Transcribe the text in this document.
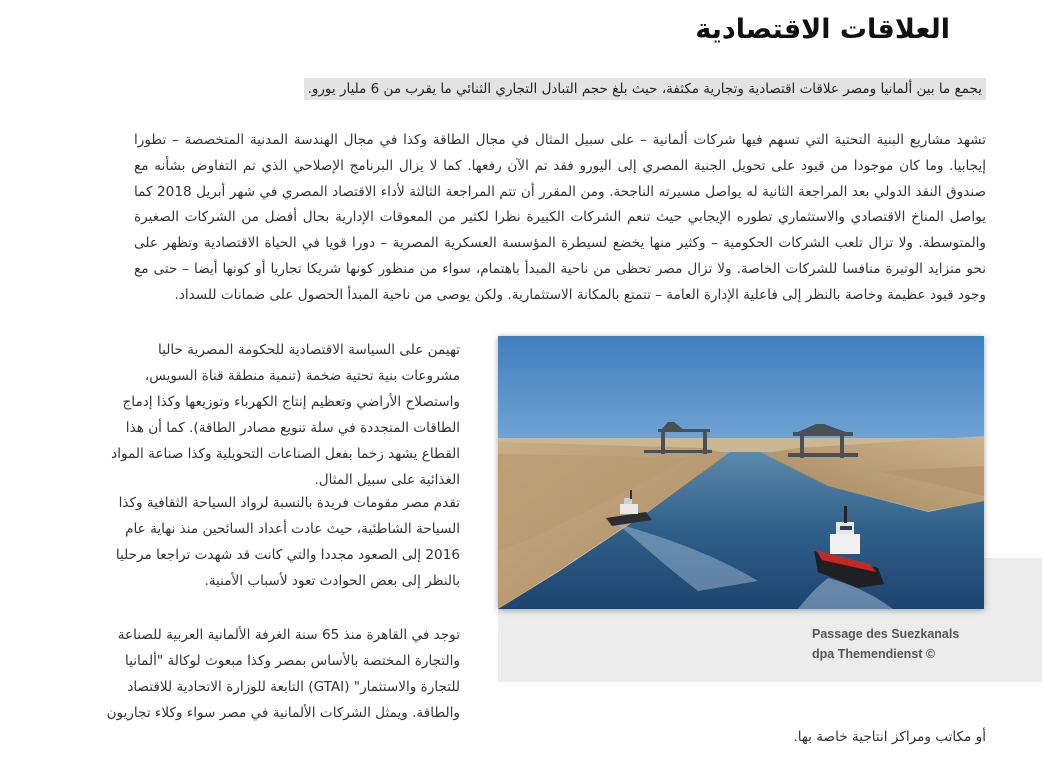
العلاقات الاقتصادية
يجمع ما بين ألمانيا ومصر علاقات اقتصادية وتجارية مكثفة، حيث بلغ حجم التبادل التجاري الثنائي ما يقرب من 6 مليار يورو.

تشهد مشاريع البنية التحتية التي تسهم فيها شركات ألمانية – على سبيل المثال في مجال الطاقة وكذا في مجال الهندسة المدنية المتخصصة – تطورا إيجابيا. وما كان موجودا من قيود على تحويل الجنية المصري إلى اليورو فقد تم الآن رفعها. كما لا يزال البرنامج الإصلاحي الذي تم التفاوض بشأنه مع صندوق النقد الدولي بعد المراجعة الثانية له يواصل مسيرته الناجحة. ومن المقرر أن تتم المراجعة الثالثة لأداء الاقتصاد المصري في شهر أبريل 2018 كما يواصل المناخ الاقتصادي والاستثماري تطوره الإيجابي حيث تنعم الشركات الكبيرة نظرا لكثير من المعوقات الإدارية بحال أفضل من الشركات الصغيرة والمتوسطة. ولا تزال تلعب الشركات الحكومية – وكثير منها يخضع لسيطرة المؤسسة العسكرية المصرية – دورا قويا في الحياة الاقتصادية وتظهر على نحو متزايد الوتيرة منافسا للشركات الخاصة. ولا تزال مصر تحظى من ناحية المبدأ باهتمام، سواء من منظور كونها شريكا تجاريا أو كونها أيضا – حتى مع وجود قيود عظيمة وخاصة بالنظر إلى فاعلية الإدارة العامة – تتمتع بالمكانة الاستثمارية. ولكن يوصى من ناحية المبدأ الحصول على ضمانات للسداد.

تهيمن على السياسة الاقتصادية للحكومة المصرية حاليا مشروعات بنية تحتية ضخمة (تنمية منطقة قناة السويس، واستصلاح الأراضي وتعظيم إنتاج الكهرباء وتوزيعها وكذا إدماج الطاقات المتجددة في سلة تنويع مصادر الطاقة). كما أن هذا القطاع يشهد زخما بفعل الصناعات التحويلية وكذا صناعة المواد الغذائية على سبيل المثال.

تقدم مصر مقومات فريدة بالنسبة لرواد السياحة الثقافية وكذا السياحة الشاطئية، حيث عادت أعداد السائحين منذ نهاية عام 2016 إلى الصعود مجددا والتي كانت قد شهدت تراجعا مرحليا بالنظر إلى بعض الحوادث تعود لأسباب الأمنية.

توجد في القاهرة منذ 65 سنة الغرفة الألمانية العربية للصناعة والتجارة المختصة بالأساس بمصر وكذا مبعوث لوكالة "ألمانيا للتجارة والاستثمار" (GTAI) التابعة للوزارة الاتحادية للاقتصاد والطاقة. ويمثل الشركات الألمانية في مصر سواء وكلاء تجاريون

أو مكاتب ومراكز انتاجية خاصة بها.

Passage des Suezkanals
© dpa Themendienst
